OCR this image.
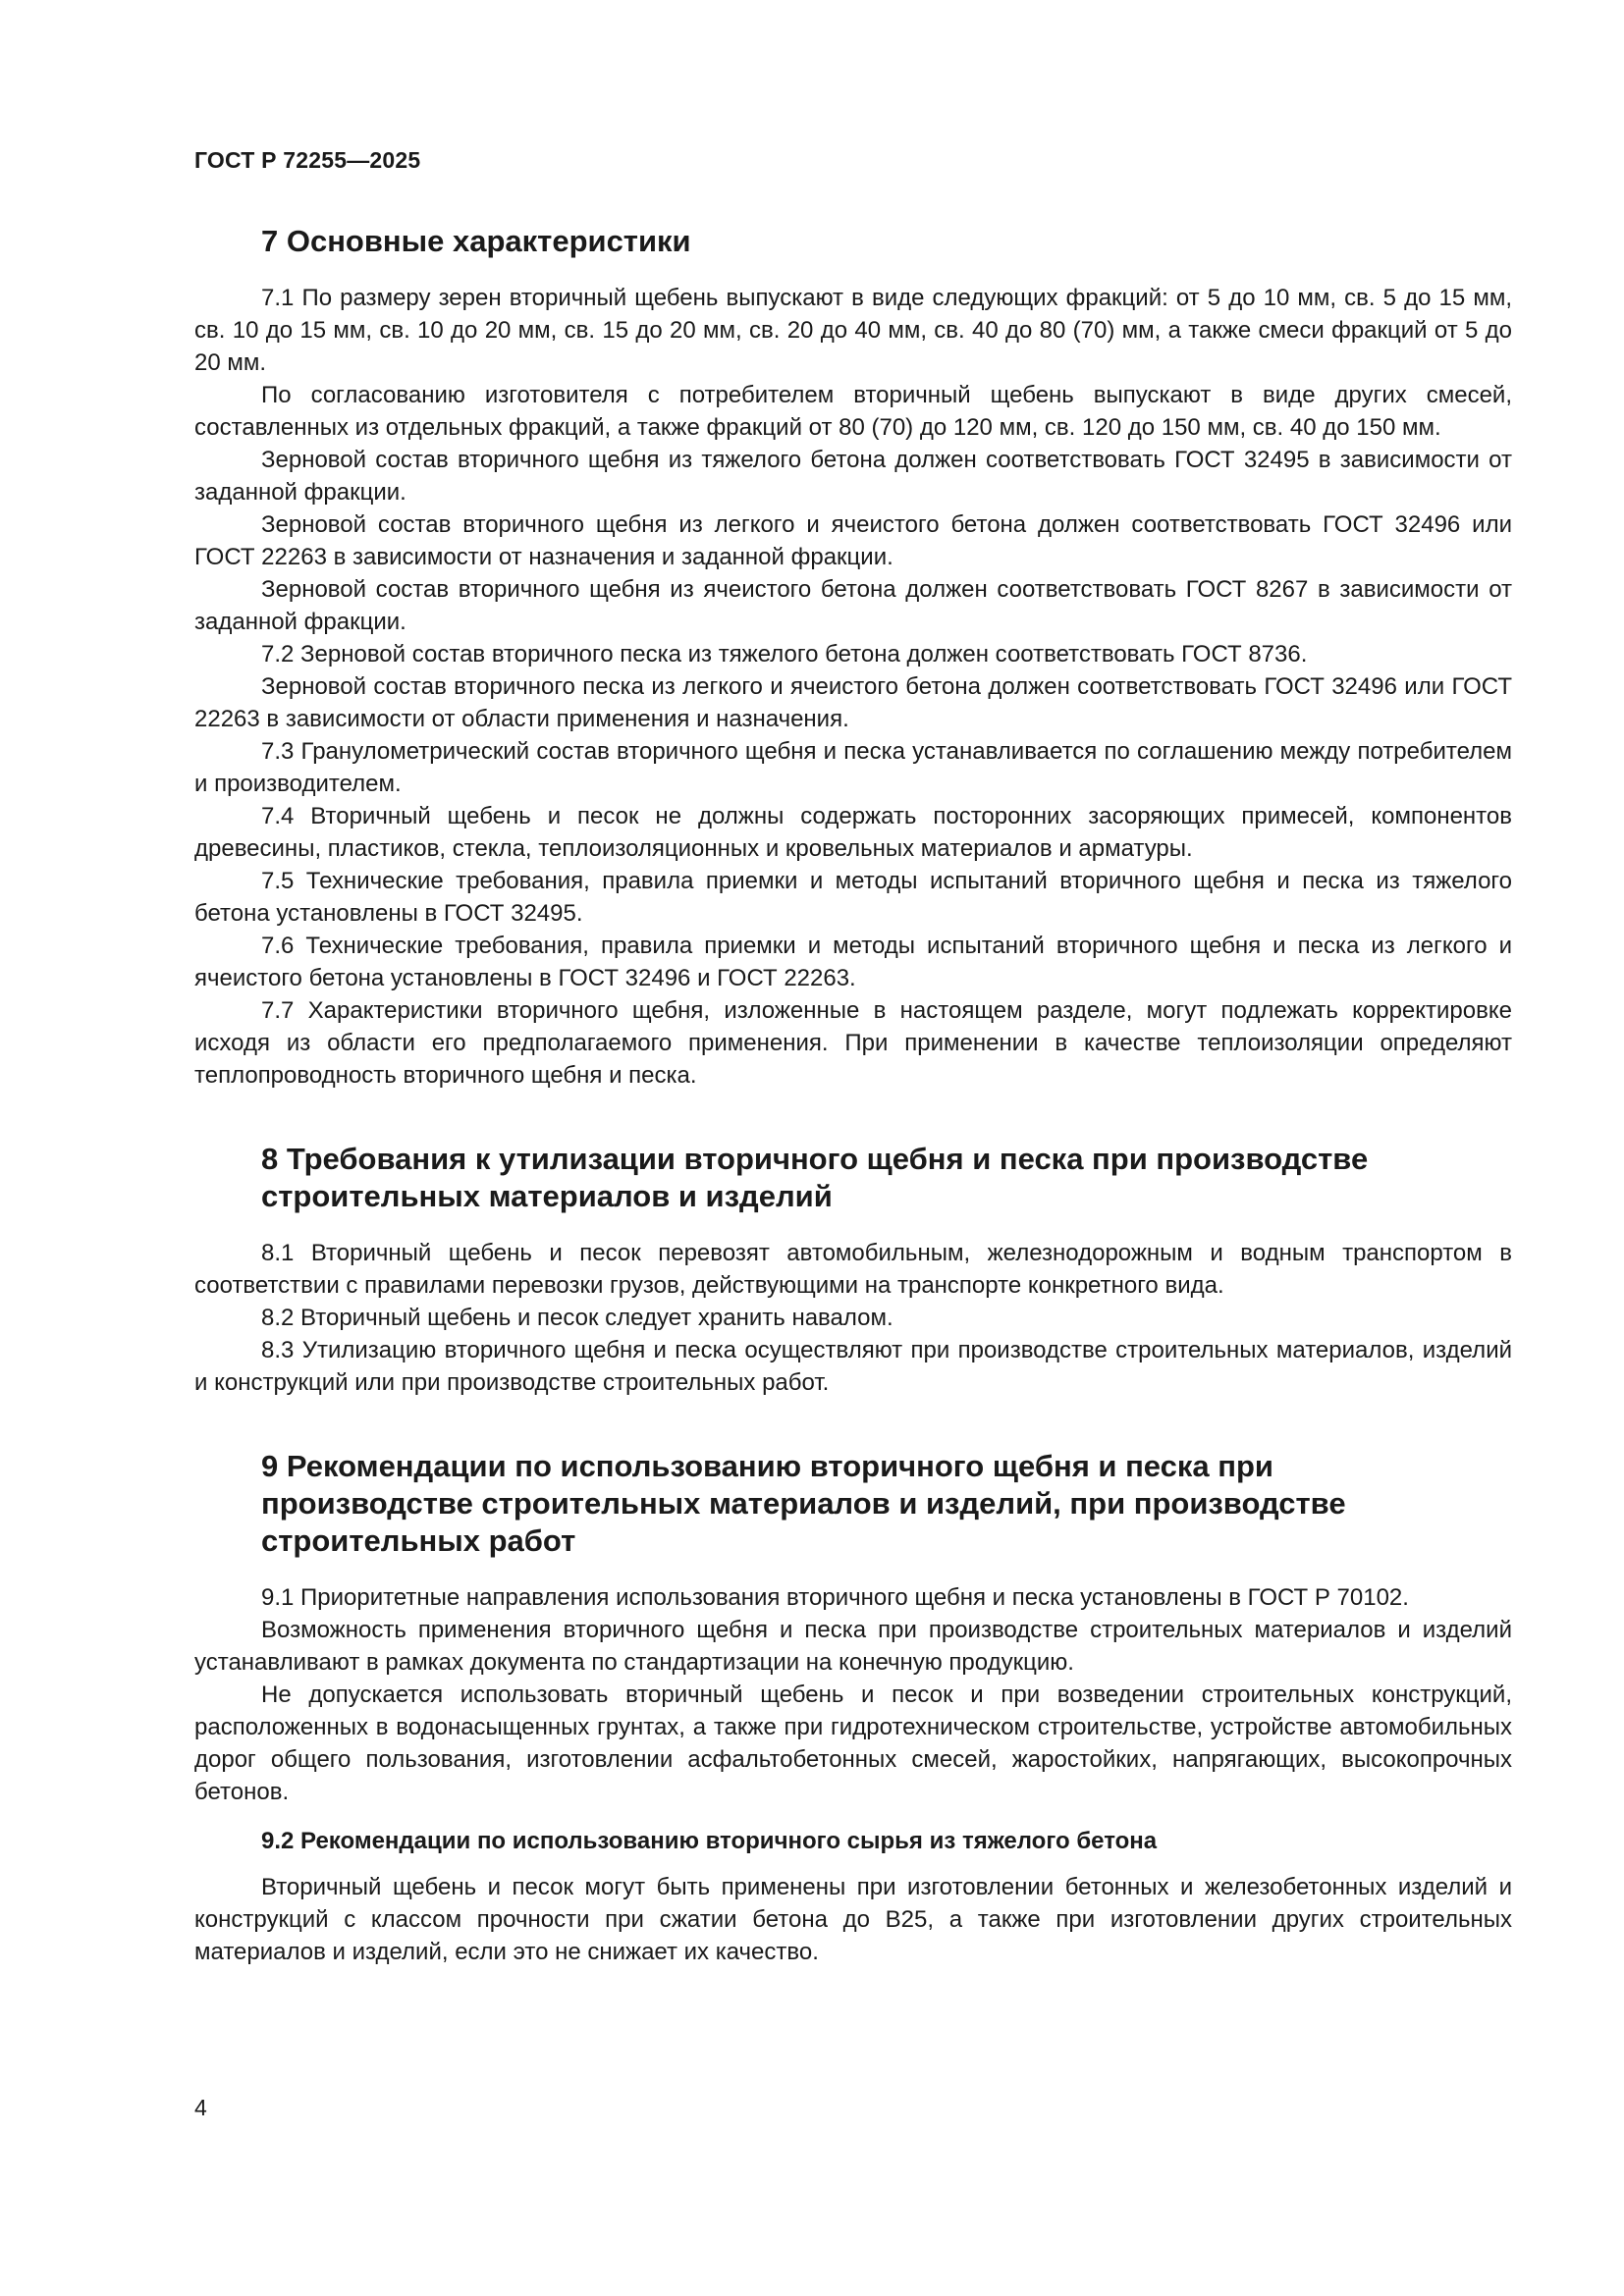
ГОСТ Р 72255—2025
7 Основные характеристики

7.1 По размеру зерен вторичный щебень выпускают в виде следующих фракций: от 5 до 10 мм, св. 5 до 15 мм, св. 10 до 15 мм, св. 10 до 20 мм, св. 15 до 20 мм, св. 20 до 40 мм, св. 40 до 80 (70) мм, а также смеси фракций от 5 до 20 мм.

По согласованию изготовителя с потребителем вторичный щебень выпускают в виде других смесей, составленных из отдельных фракций, а также фракций от 80 (70) до 120 мм, св. 120 до 150 мм, св. 40 до 150 мм.

Зерновой состав вторичного щебня из тяжелого бетона должен соответствовать ГОСТ 32495 в зависимости от заданной фракции.

Зерновой состав вторичного щебня из легкого и ячеистого бетона должен соответствовать ГОСТ 32496 или ГОСТ 22263 в зависимости от назначения и заданной фракции.

Зерновой состав вторичного щебня из ячеистого бетона должен соответствовать ГОСТ 8267 в зависимости от заданной фракции.

7.2 Зерновой состав вторичного песка из тяжелого бетона должен соответствовать ГОСТ 8736.

Зерновой состав вторичного песка из легкого и ячеистого бетона должен соответствовать ГОСТ 32496 или ГОСТ 22263 в зависимости от области применения и назначения.

7.3 Гранулометрический состав вторичного щебня и песка устанавливается по соглашению между потребителем и производителем.

7.4 Вторичный щебень и песок не должны содержать посторонних засоряющих примесей, компонентов древесины, пластиков, стекла, теплоизоляционных и кровельных материалов и арматуры.

7.5 Технические требования, правила приемки и методы испытаний вторичного щебня и песка из тяжелого бетона установлены в ГОСТ 32495.

7.6 Технические требования, правила приемки и методы испытаний вторичного щебня и песка из легкого и ячеистого бетона установлены в ГОСТ 32496 и ГОСТ 22263.

7.7 Характеристики вторичного щебня, изложенные в настоящем разделе, могут подлежать корректировке исходя из области его предполагаемого применения. При применении в качестве теплоизоляции определяют теплопроводность вторичного щебня и песка.

8 Требования к утилизации вторичного щебня и песка при производстве строительных материалов и изделий

8.1 Вторичный щебень и песок перевозят автомобильным, железнодорожным и водным транспортом в соответствии с правилами перевозки грузов, действующими на транспорте конкретного вида.

8.2 Вторичный щебень и песок следует хранить навалом.

8.3 Утилизацию вторичного щебня и песка осуществляют при производстве строительных материалов, изделий и конструкций или при производстве строительных работ.

9 Рекомендации по использованию вторичного щебня и песка при производстве строительных материалов и изделий, при производстве строительных работ

9.1 Приоритетные направления использования вторичного щебня и песка установлены в ГОСТ Р 70102.

Возможность применения вторичного щебня и песка при производстве строительных материалов и изделий устанавливают в рамках документа по стандартизации на конечную продукцию.

Не допускается использовать вторичный щебень и песок и при возведении строительных конструкций, расположенных в водонасыщенных грунтах, а также при гидротехническом строительстве, устройстве автомобильных дорог общего пользования, изготовлении асфальтобетонных смесей, жаростойких, напрягающих, высокопрочных бетонов.

9.2 Рекомендации по использованию вторичного сырья из тяжелого бетона

Вторичный щебень и песок могут быть применены при изготовлении бетонных и железобетонных изделий и конструкций с классом прочности при сжатии бетона до В25, а также при изготовлении других строительных материалов и изделий, если это не снижает их качество.

4
